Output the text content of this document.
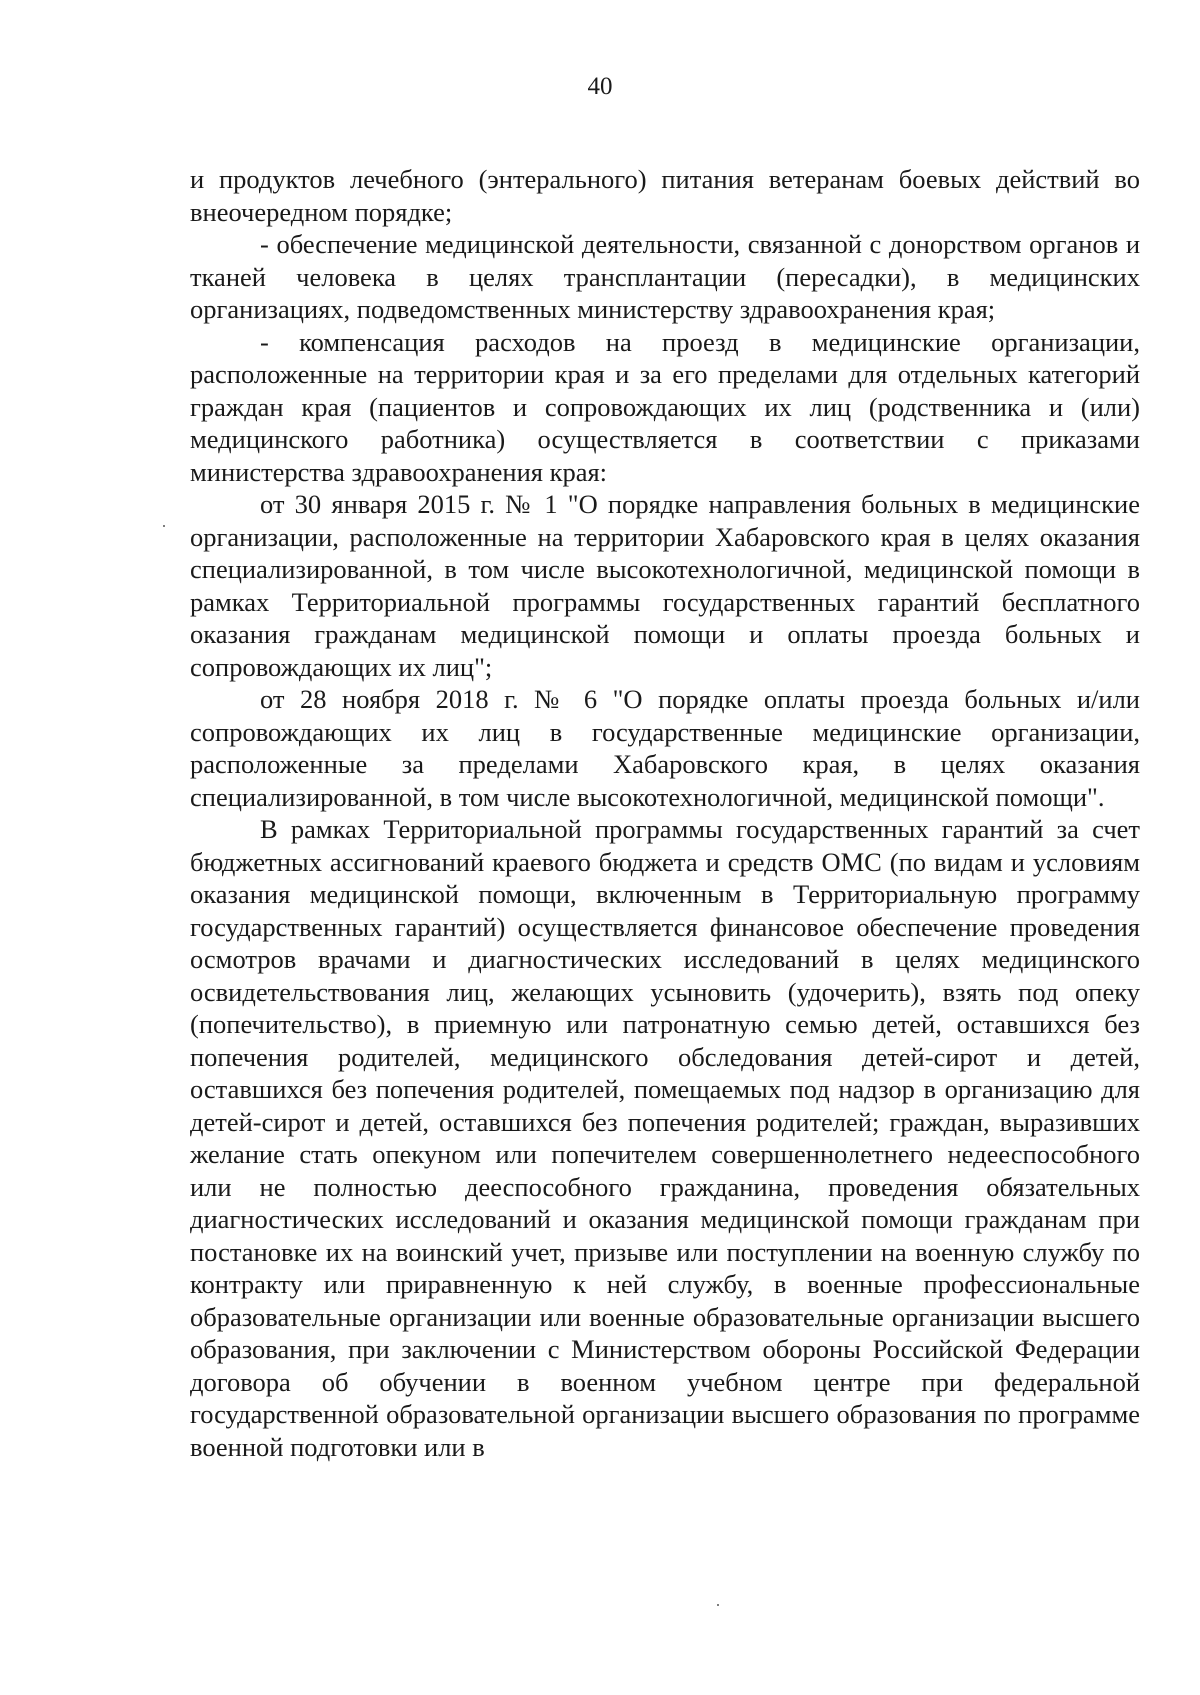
40

и продуктов лечебного (энтерального) питания ветеранам боевых действий во внеочередном порядке;

- обеспечение медицинской деятельности, связанной с донорством органов и тканей человека в целях трансплантации (пересадки), в медицинских организациях, подведомственных министерству здравоохранения края;

- компенсация расходов на проезд в медицинские организации, расположенные на территории края и за его пределами для отдельных категорий граждан края (пациентов и сопровождающих их лиц (родственника и (или) медицинского работника) осуществляется в соответствии с приказами министерства здравоохранения края:

от 30 января 2015 г. № 1 "О порядке направления больных в медицинские организации, расположенные на территории Хабаровского края в целях оказания специализированной, в том числе высокотехнологичной, медицинской помощи в рамках Территориальной программы государственных гарантий бесплатного оказания гражданам медицинской помощи и оплаты проезда больных и сопровождающих их лиц";

от 28 ноября 2018 г. № 6 "О порядке оплаты проезда больных и/или сопровождающих их лиц в государственные медицинские организации, расположенные за пределами Хабаровского края, в целях оказания специализированной, в том числе высокотехнологичной, медицинской помощи".

В рамках Территориальной программы государственных гарантий за счет бюджетных ассигнований краевого бюджета и средств ОМС (по видам и условиям оказания медицинской помощи, включенным в Территориальную программу государственных гарантий) осуществляется финансовое обеспечение проведения осмотров врачами и диагностических исследований в целях медицинского освидетельствования лиц, желающих усыновить (удочерить), взять под опеку (попечительство), в приемную или патронатную семью детей, оставшихся без попечения родителей, медицинского обследования детей-сирот и детей, оставшихся без попечения родителей, помещаемых под надзор в организацию для детей-сирот и детей, оставшихся без попечения родителей; граждан, выразивших желание стать опекуном или попечителем совершеннолетнего недееспособного или не полностью дееспособного гражданина, проведения обязательных диагностических исследований и оказания медицинской помощи гражданам при постановке их на воинский учет, призыве или поступлении на военную службу по контракту или приравненную к ней службу, в военные профессиональные образовательные организации или военные образовательные организации высшего образования, при заключении с Министерством обороны Российской Федерации договора об обучении в военном учебном центре при федеральной государственной образовательной организации высшего образования по программе военной подготовки или в
